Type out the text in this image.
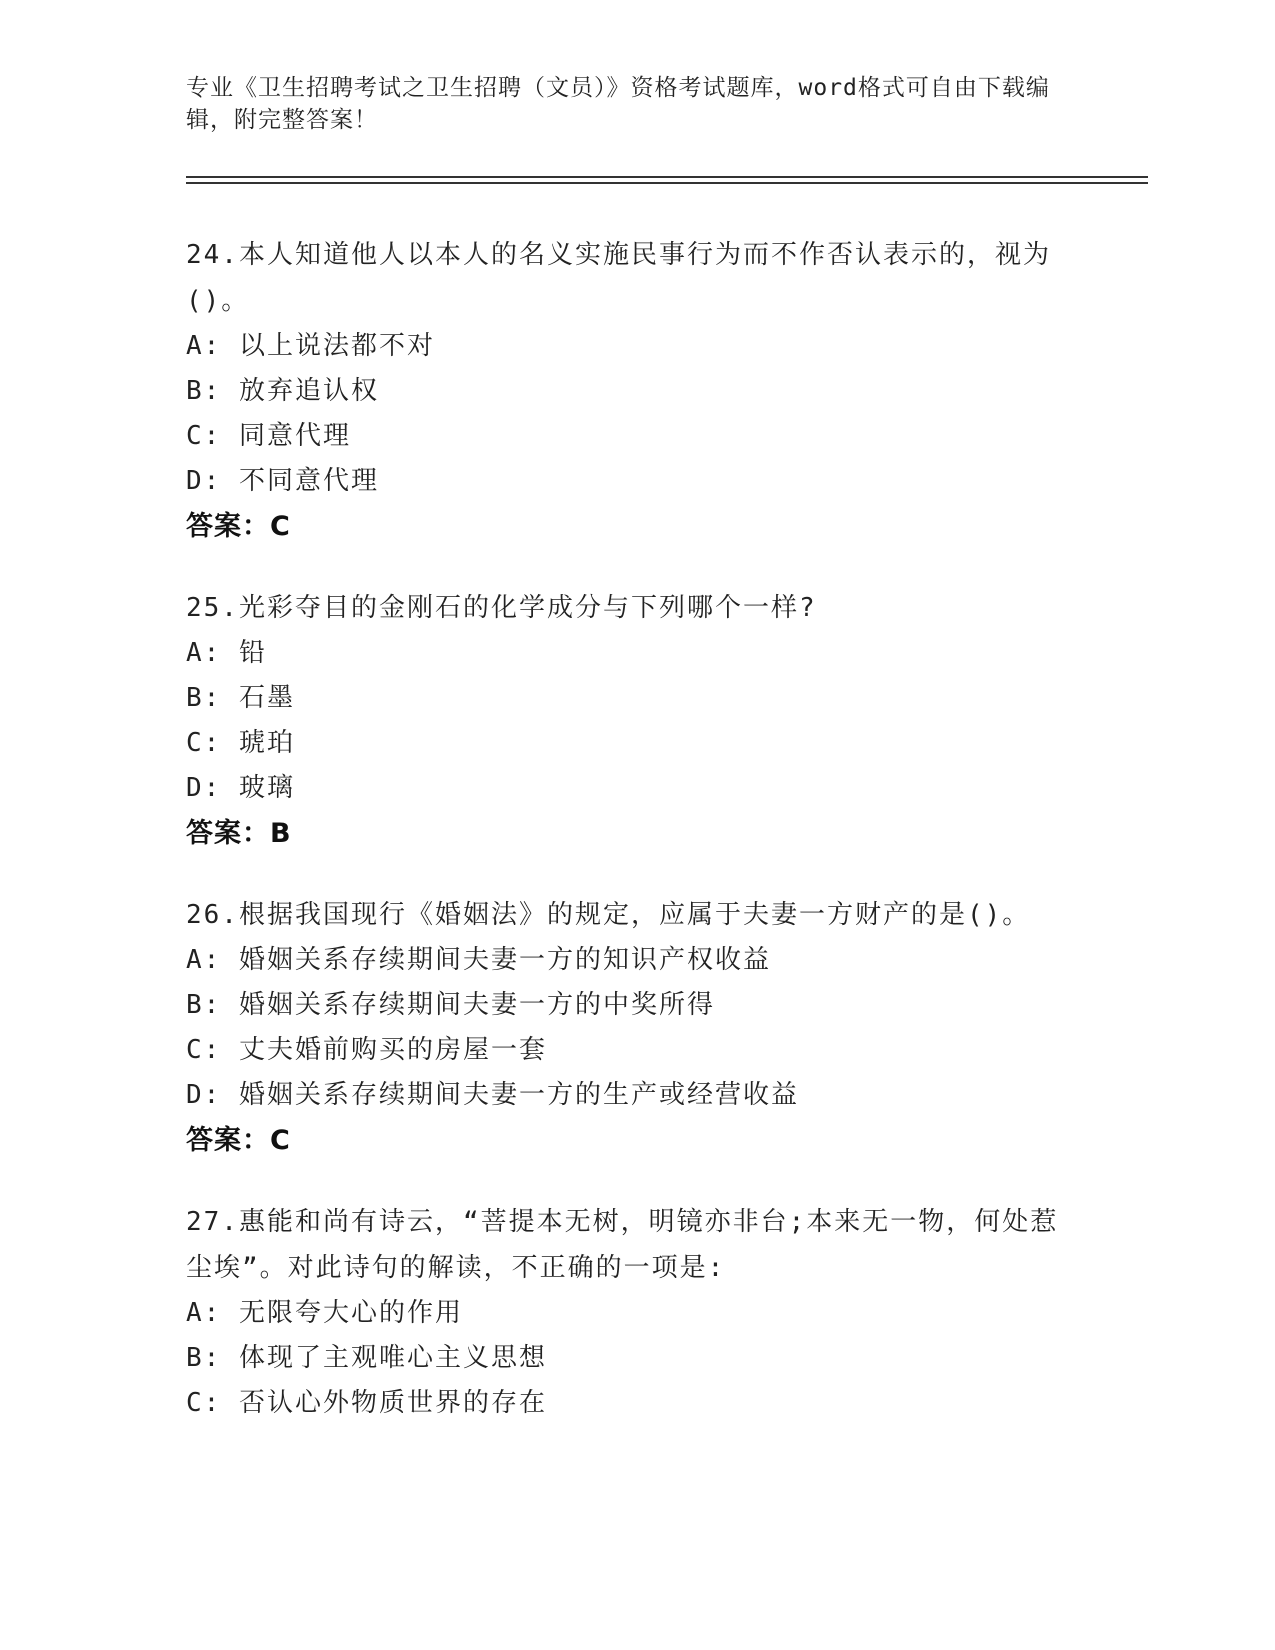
专业《卫生招聘考试之卫生招聘（文员）》资格考试题库，word格式可自由下载编辑，附完整答案！
24.本人知道他人以本人的名义实施民事行为而不作否认表示的，视为()。
A: 以上说法都不对
B: 放弃追认权
C: 同意代理
D: 不同意代理
答案：C
25.光彩夺目的金刚石的化学成分与下列哪个一样?
A: 铅
B: 石墨
C: 琥珀
D: 玻璃
答案：B
26.根据我国现行《婚姻法》的规定，应属于夫妻一方财产的是()。
A: 婚姻关系存续期间夫妻一方的知识产权收益
B: 婚姻关系存续期间夫妻一方的中奖所得
C: 丈夫婚前购买的房屋一套
D: 婚姻关系存续期间夫妻一方的生产或经营收益
答案：C
27.惠能和尚有诗云，“菩提本无树，明镜亦非台;本来无一物，何处惹尘埃”。对此诗句的解读，不正确的一项是:
A: 无限夸大心的作用
B: 体现了主观唯心主义思想
C: 否认心外物质世界的存在
